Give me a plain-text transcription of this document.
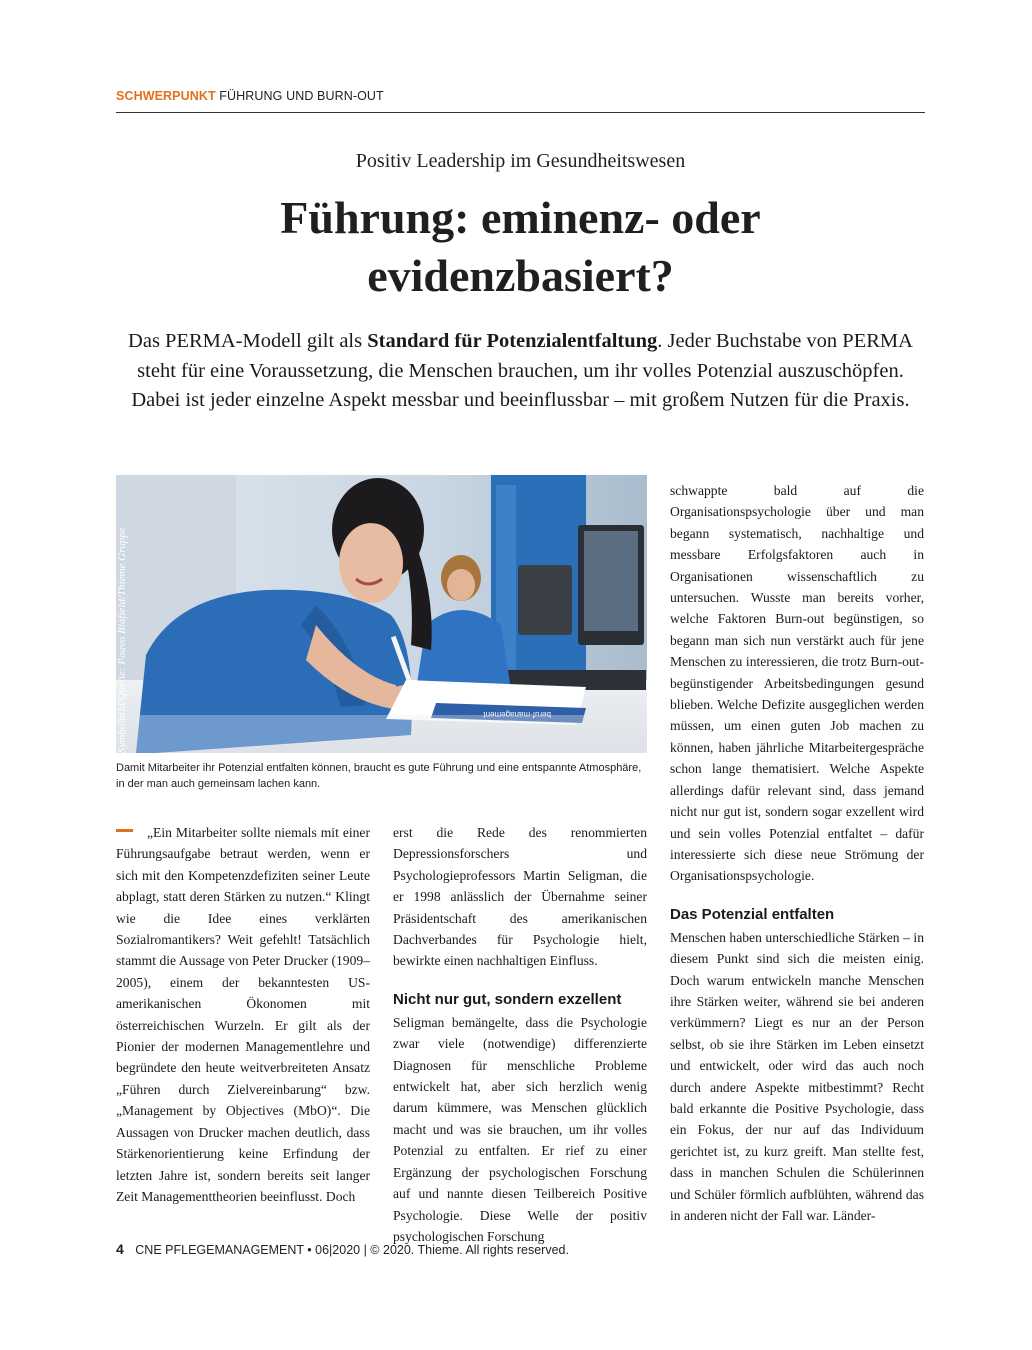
SCHWERPUNKT FÜHRUNG UND BURN-OUT
Positiv Leadership im Gesundheitswesen
Führung: eminenz- oder
evidenzbasiert?

Das PERMA-Modell gilt als Standard für Potenzialentfaltung. Jeder Buchstabe von PERMA steht für eine Voraussetzung, die Menschen brauchen, um ihr volles Potenzial auszuschöpfen. Dabei ist jeder einzelne Aspekt messbar und beeinflussbar – mit großem Nutzen für die Praxis.

beruf·management
Symbolbild/Quelle: Paavo Bläfield/Thieme Gruppe
Damit Mitarbeiter ihr Potenzial entfalten können, braucht es gute Führung und eine entspannte Atmosphäre, in der man auch gemeinsam lachen kann.

„Ein Mitarbeiter sollte niemals mit einer Führungsaufgabe betraut werden, wenn er sich mit den Kompetenzdefiziten seiner Leute abplagt, statt deren Stärken zu nutzen.“ Klingt wie die Idee eines verklärten Sozialromantikers? Weit gefehlt! Tatsächlich stammt die Aussage von Peter Drucker (1909–2005), einem der bekanntesten US-amerikanischen Ökonomen mit österreichischen Wurzeln. Er gilt als der Pionier der modernen Managementlehre und begründete den heute weitverbreiteten Ansatz „Führen durch Zielvereinbarung“ bzw. „Management by Objectives (MbO)“. Die Aussagen von Drucker machen deutlich, dass Stärkenorientierung keine Erfindung der letzten Jahre ist, sondern bereits seit langer Zeit Managementtheorien beeinflusst. Doch

erst die Rede des renommierten Depressionsforschers und Psychologieprofessors Martin Seligman, die er 1998 anlässlich der Übernahme seiner Präsidentschaft des amerikanischen Dachverbandes für Psychologie hielt, bewirkte einen nachhaltigen Einfluss.

Nicht nur gut, sondern exzellent

Seligman bemängelte, dass die Psychologie zwar viele (notwendige) differenzierte Diagnosen für menschliche Probleme entwickelt hat, aber sich herzlich wenig darum kümmere, was Menschen glücklich macht und was sie brauchen, um ihr volles Potenzial zu entfalten. Er rief zu einer Ergänzung der psychologischen Forschung auf und nannte diesen Teilbereich Positive Psychologie. Diese Welle der positiv psychologischen Forschung

schwappte bald auf die Organisationspsychologie über und man begann systematisch, nachhaltige und messbare Erfolgsfaktoren auch in Organisationen wissenschaftlich zu untersuchen. Wusste man bereits vorher, welche Faktoren Burn-out begünstigen, so begann man sich nun verstärkt auch für jene Menschen zu interessieren, die trotz Burn-out-begünstigender Arbeitsbedingungen gesund blieben. Welche Defizite ausgeglichen werden müssen, um einen guten Job machen zu können, haben jährliche Mitarbeitergespräche schon lange thematisiert. Welche Aspekte allerdings dafür relevant sind, dass jemand nicht nur gut ist, sondern sogar exzellent wird und sein volles Potenzial entfaltet – dafür interessierte sich diese neue Strömung der Organisationspsychologie.

Das Potenzial entfalten

Menschen haben unterschiedliche Stärken – in diesem Punkt sind sich die meisten einig. Doch warum entwickeln manche Menschen ihre Stärken weiter, während sie bei anderen verkümmern? Liegt es nur an der Person selbst, ob sie ihre Stärken im Leben einsetzt und entwickelt, oder wird das auch noch durch andere Aspekte mitbestimmt? Recht bald erkannte die Positive Psychologie, dass ein Fokus, der nur auf das Individuum gerichtet ist, zu kurz greift. Man stellte fest, dass in manchen Schulen die Schülerinnen und Schüler förmlich aufblühten, während das in anderen nicht der Fall war. Länder-

4 CNE PFLEGEMANAGEMENT • 06|2020 | © 2020. Thieme. All rights reserved.
